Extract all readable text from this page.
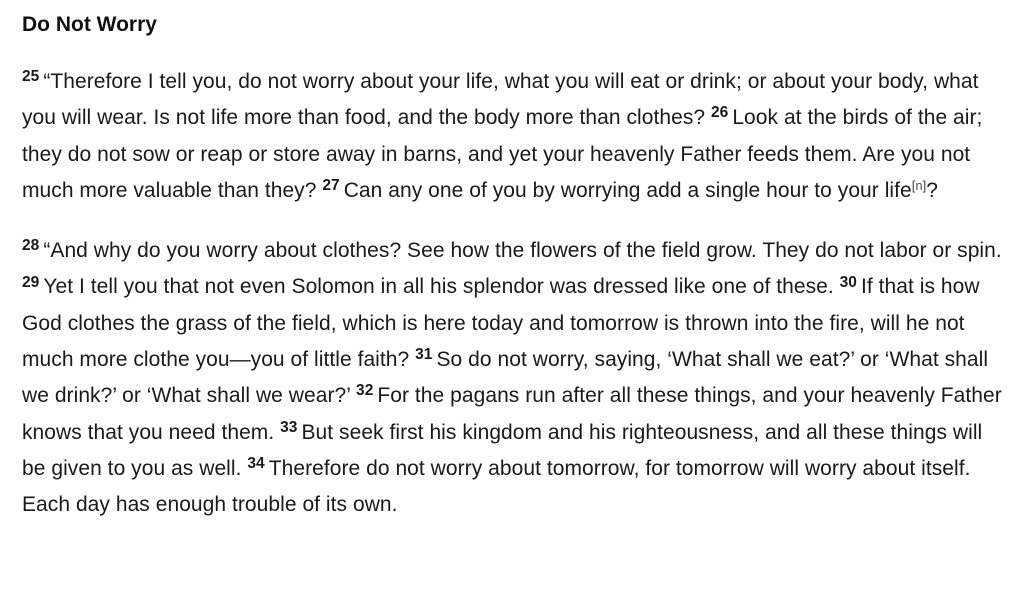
Do Not Worry

$^{25}$ “Therefore I tell you, do not worry about your life, what you will eat or drink; or about your body, what you will wear. Is not life more than food, and the body more than clothes? $^{26}$ Look at the birds of the air; they do not sow or reap or store away in barns, and yet your heavenly Father feeds them. Are you not much more valuable than they? $^{27}$ Can any one of you by worrying add a single hour to your life[n]?

$^{28}$ “And why do you worry about clothes? See how the flowers of the field grow. They do not labor or spin. $^{29}$ Yet I tell you that not even Solomon in all his splendor was dressed like one of these. $^{30}$ If that is how God clothes the grass of the field, which is here today and tomorrow is thrown into the fire, will he not much more clothe you—you of little faith? $^{31}$ So do not worry, saying, ‘What shall we eat?’ or ‘What shall we drink?’ or ‘What shall we wear?’ $^{32}$ For the pagans run after all these things, and your heavenly Father knows that you need them. $^{33}$ But seek first his kingdom and his righteousness, and all these things will be given to you as well. $^{34}$ Therefore do not worry about tomorrow, for tomorrow will worry about itself. Each day has enough trouble of its own.
